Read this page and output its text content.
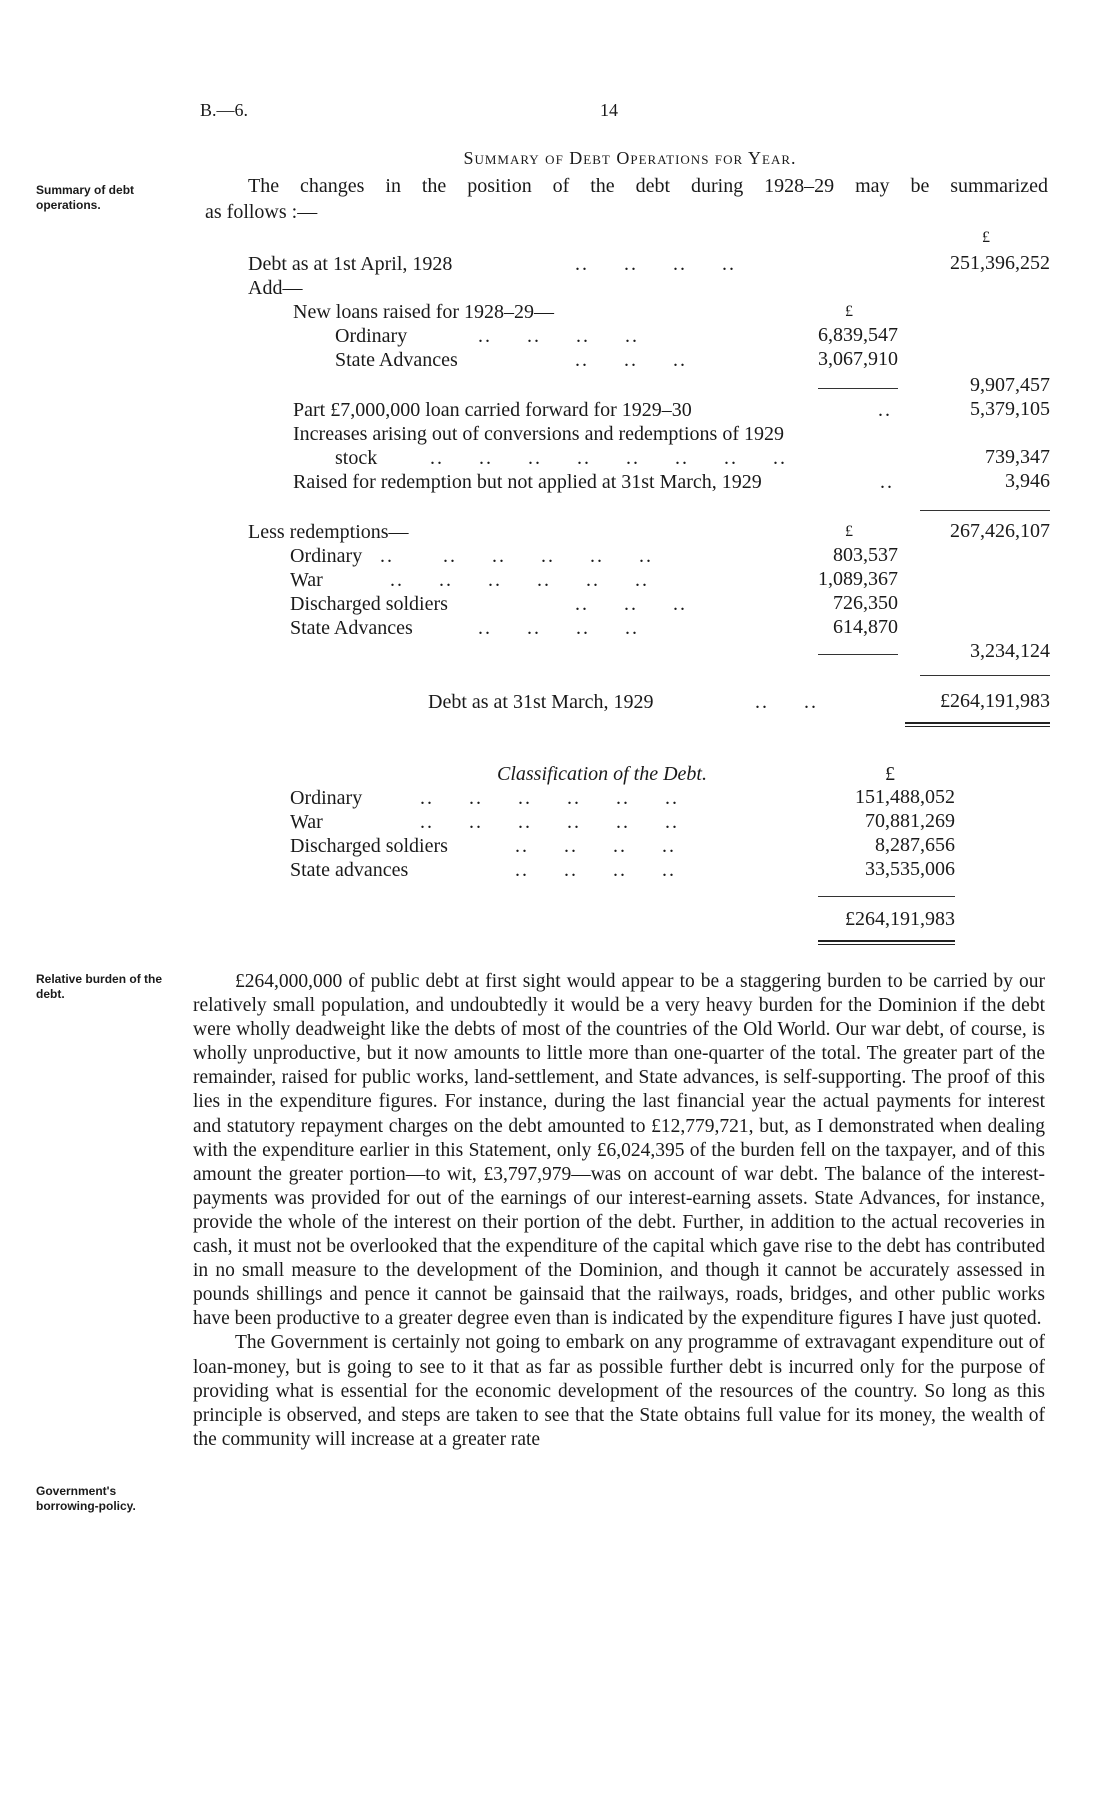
B.—6.	14
Summary of debt operations.
Relative burden of the debt.
Government's borrowing-policy.
Summary of Debt Operations for Year.
The changes in the position of the debt during 1928–29 may be summarized
as follows :—
£
Debt as at 1st April, 1928	..     ..     ..     ..	251,396,252
Add—
New loans raised for 1928–29—	£
Ordinary	..     ..     ..     ..	6,839,547
State Advances	..     ..     ..	3,067,910
9,907,457
Part £7,000,000 loan carried forward for 1929–30	..	5,379,105
Increases arising out of conversions and redemptions of 1929
stock	..     ..     ..     ..     ..     ..     ..     ..	739,347
Raised for redemption but not applied at 31st March, 1929	..	3,946
Less redemptions—	£	267,426,107
Ordinary ..       ..     ..     ..     ..     ..	803,537
War	..     ..     ..     ..     ..     ..	1,089,367
Discharged soldiers	..     ..     ..	726,350
State Advances	..     ..     ..     ..	614,870
3,234,124
Debt as at 31st March, 1929	..     ..	£264,191,983
Classification of the Debt.	£
Ordinary	..     ..     ..     ..     ..     ..	151,488,052
War	..     ..     ..     ..     ..     ..	70,881,269
Discharged soldiers	..     ..     ..     ..	8,287,656
State advances	..     ..     ..     ..	33,535,006
£264,191,983

£264,000,000 of public debt at first sight would appear to be a staggering burden to be carried by our relatively small population, and undoubtedly it would be a very heavy burden for the Dominion if the debt were wholly deadweight like the debts of most of the countries of the Old World. Our war debt, of course, is wholly unproductive, but it now amounts to little more than one-quarter of the total. The greater part of the remainder, raised for public works, land-settlement, and State advances, is self-supporting. The proof of this lies in the expenditure figures. For instance, during the last financial year the actual payments for interest and statutory repayment charges on the debt amounted to £12,779,721, but, as I demonstrated when dealing with the expenditure earlier in this Statement, only £6,024,395 of the burden fell on the taxpayer, and of this amount the greater portion—to wit, £3,797,979—was on account of war debt. The balance of the interest-payments was provided for out of the earnings of our interest-earning assets. State Advances, for instance, provide the whole of the interest on their portion of the debt. Further, in addition to the actual recoveries in cash, it must not be overlooked that the expenditure of the capital which gave rise to the debt has contributed in no small measure to the development of the Dominion, and though it cannot be accurately assessed in pounds shillings and pence it cannot be gainsaid that the railways, roads, bridges, and other public works have been productive to a greater degree even than is indicated by the expenditure figures I have just quoted.

The Government is certainly not going to embark on any programme of extravagant expenditure out of loan-money, but is going to see to it that as far as possible further debt is incurred only for the purpose of providing what is essential for the economic development of the resources of the country. So long as this principle is observed, and steps are taken to see that the State obtains full value for its money, the wealth of the community will increase at a greater rate
